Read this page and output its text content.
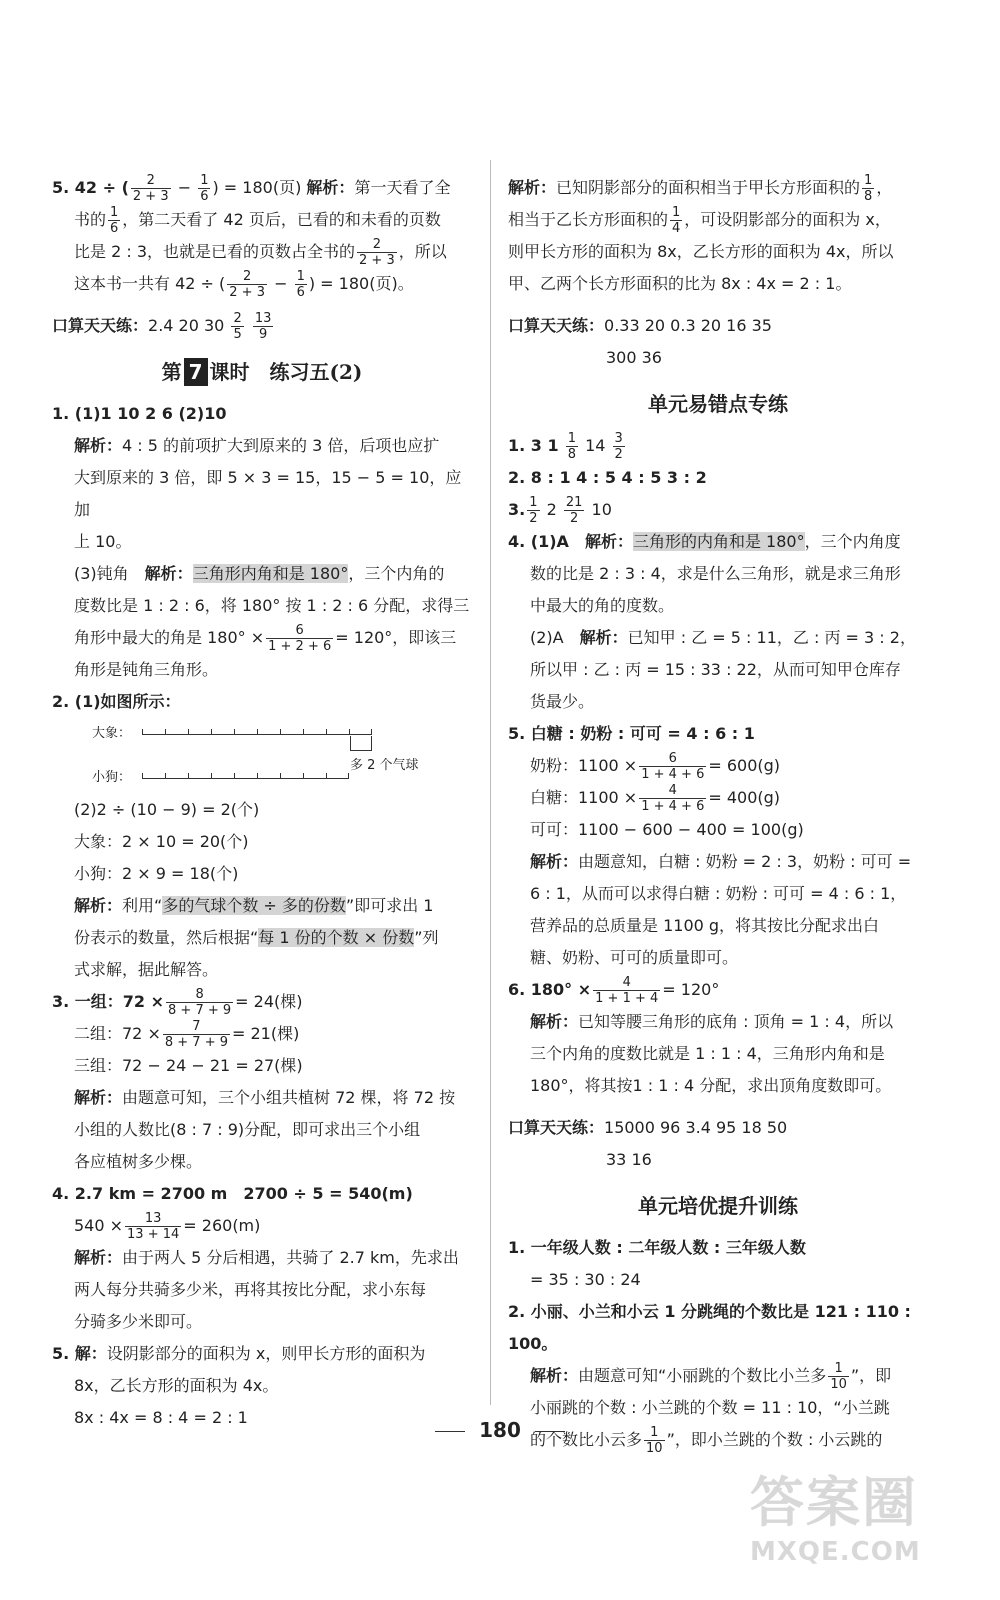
5. 42 ÷ ( $\frac{2}{2 + 3} - \frac{1}{6}$ ) = 180(页) 解析：第一天看了全

书的 $\frac{1}{6}$ ，第二天看了 42 页后，已看的和未看的页数

比是 2 : 3，也就是已看的页数占全书的 $\frac{2}{2 + 3}$ ，所以

这本书一共有 42 ÷ ( $\frac{2}{2 + 3} - \frac{1}{6}$ ) = 180(页)。

口算天天练：2.4 20 $30 \frac{2}{5}$
$\frac{13}{9}$

第 7 课时　练习五(2)

1. (1)1 10 2 6 (2)10

解析：4 : 5 的前项扩大到原来的 3 倍，后项也应扩

大到原来的 3 倍，即 5 × 3 = 15，15 − 5 = 10，应加

上 10。

(3)钝角　解析：三角形内角和是 180°，三个内角的

度数比是 1 : 2 : 6，将 180° 按 1 : 2 : 6 分配，求得三

角形中最大的角是 $180^\circ \times \frac{6}{1 + 2 + 6} = 120^\circ$，即该三

角形是钝角三角形。

2. (1)如图所示：

大象：
小狗：
多 2 个气球

(2)2 ÷ (10 − 9) = 2(个)

大象：2 × 10 = 20(个)

小狗：2 × 9 = 18(个)

解析：利用“多的气球个数 ÷ 多的份数”即可求出 1

份表示的数量，然后根据“每 1 份的个数 × 份数”列

式求解，据此解答。

3. 一组：$72 \times \frac{8}{8 + 7 + 9} = 24$(棵)

二组：$72 \times \frac{7}{8 + 7 + 9} = 21$(棵)

三组：72 − 24 − 21 = 27(棵)

解析：由题意可知，三个小组共植树 72 棵，将 72 按

小组的人数比(8 : 7 : 9)分配，即可求出三个小组

各应植树多少棵。

4. 2.7 km = 2700 m　2700 ÷ 5 = 540(m)

$540 \times \frac{13}{13 + 14} = 260(m)$

解析：由于两人 5 分后相遇，共骑了 2.7 km，先求出

两人每分共骑多少米，再将其按比分配，求小东每

分骑多少米即可。

5. 解：设阴影部分的面积为 x，则甲长方形的面积为

8x，乙长方形的面积为 4x。

8x : 4x = 8 : 4 = 2 : 1

解析：已知阴影部分的面积相当于甲长方形面积的 $\frac{1}{8}$ ，

相当于乙长方形面积的 $\frac{1}{4}$ ，可设阴影部分的面积为 x，

则甲长方形的面积为 8x，乙长方形的面积为 4x，所以

甲、乙两个长方形面积的比为 8x : 4x = 2 : 1。

口算天天练：0.33 20 0.3 20 16 35

300 36

单元易错点专练

1. 3 $1 \frac{1}{8} 14 \frac{3}{2}$

2. 8 : 1 4 : 5 4 : 5 3 : 2

3. $\frac{1}{2} 2 \frac{21}{2} 10$

4. (1)A　解析：三角形的内角和是 180°，三个内角度

数的比是 2 : 3 : 4，求是什么三角形，就是求三角形

中最大的角的度数。

(2)A　解析：已知甲 : 乙 = 5 : 11，乙 : 丙 = 3 : 2，

所以甲 : 乙 : 丙 = 15 : 33 : 22，从而可知甲仓库存

货最少。

5. 白糖 : 奶粉 : 可可 = 4 : 6 : 1

奶粉：$1100 \times \frac{6}{1 + 4 + 6} = 600(g)$

白糖：$1100 \times \frac{4}{1 + 4 + 6} = 400(g)$

可可：1100 − 600 − 400 = 100(g)

解析：由题意知，白糖 : 奶粉 = 2 : 3，奶粉 : 可可 =

6 : 1，从而可以求得白糖 : 奶粉 : 可可 = 4 : 6 : 1，

营养品的总质量是 1100 g，将其按比分配求出白

糖、奶粉、可可的质量即可。

6. $180^\circ \times \frac{4}{1 + 1 + 4} = 120^\circ$

解析：已知等腰三角形的底角 : 顶角 = 1 : 4，所以

三个内角的度数比就是 1 : 1 : 4，三角形内角和是

180°，将其按1 : 1 : 4 分配，求出顶角度数即可。

口算天天练：15000 96 3.4 95 18 50

33 16

单元培优提升训练

1. 一年级人数 : 二年级人数 : 三年级人数

= 35 : 30 : 24

2. 小丽、小兰和小云 1 分跳绳的个数比是 121 : 110 : 100。

解析：由题意可知“小丽跳的个数比小兰多 $\frac{1}{10}$ ”，即

小丽跳的个数 : 小兰跳的个数 = 11 : 10，“小兰跳

的个数比小云多 $\frac{1}{10}$ ”，即小兰跳的个数 : 小云跳的

180
答案圈
MXQE.COM
